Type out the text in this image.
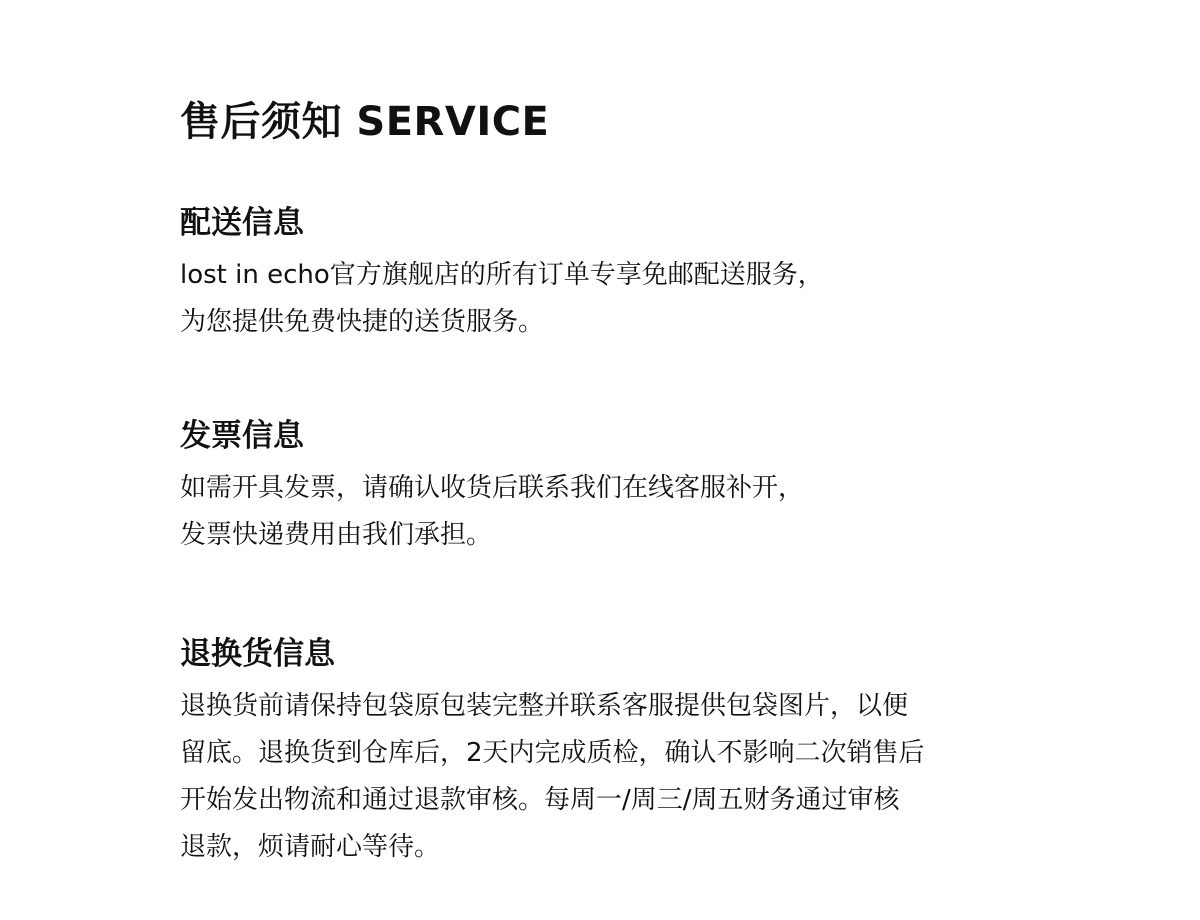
售后须知 SERVICE
配送信息
lost in echo官方旗舰店的所有订单专享免邮配送服务，
为您提供免费快捷的送货服务。
发票信息
如需开具发票，请确认收货后联系我们在线客服补开，
发票快递费用由我们承担。
退换货信息
退换货前请保持包袋原包装完整并联系客服提供包袋图片，以便
留底。退换货到仓库后，2天内完成质检，确认不影响二次销售后
开始发出物流和通过退款审核。每周一/周三/周五财务通过审核
退款，烦请耐心等待。
